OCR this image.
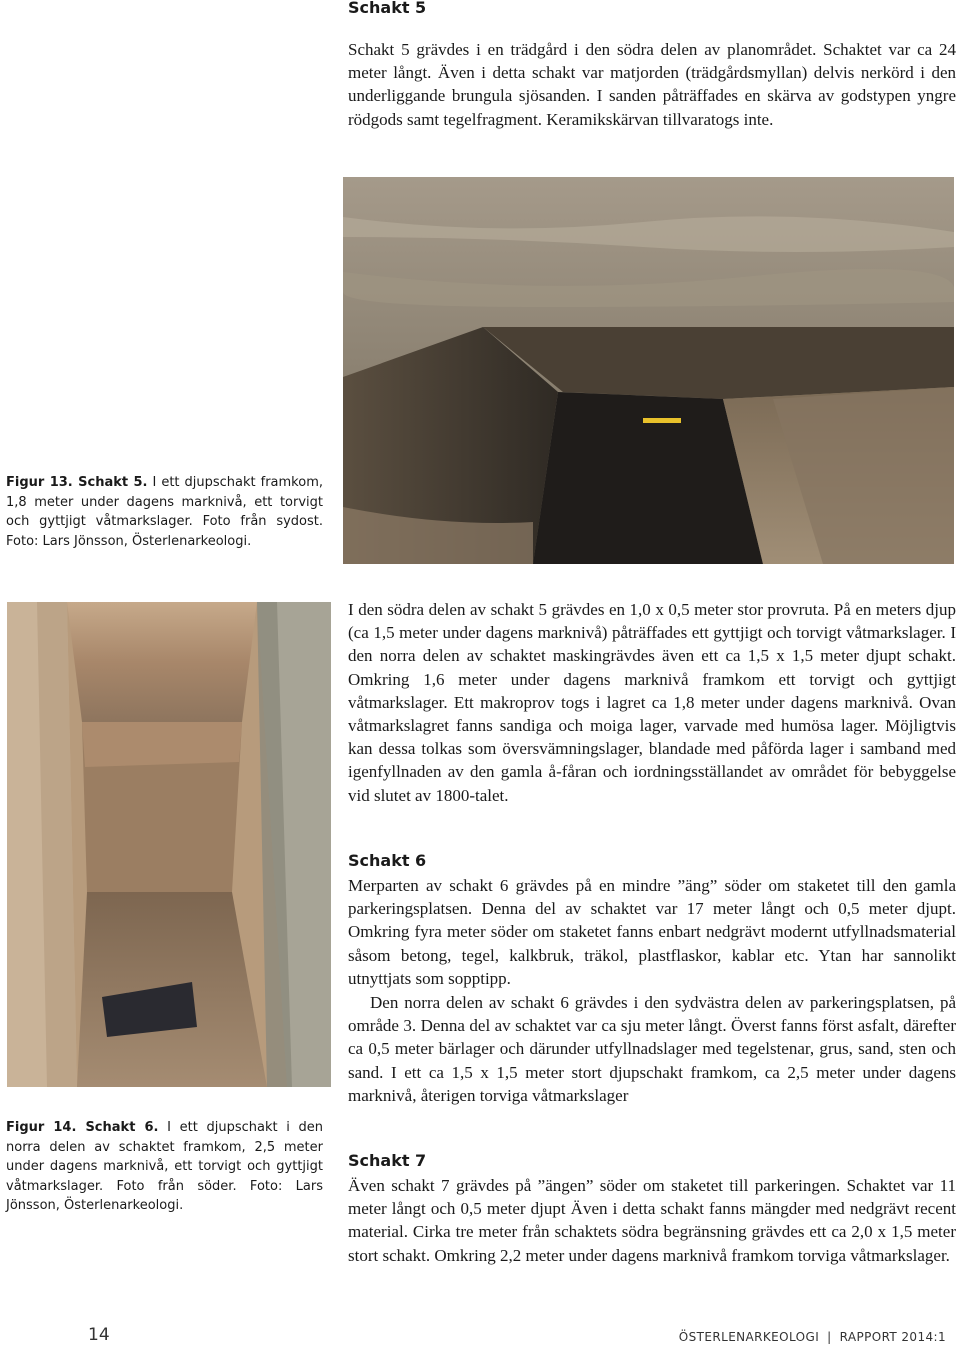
Schakt 5
Schakt 5 grävdes i en trädgård i den södra delen av planområdet. Schaktet var ca 24 meter långt. Även i detta schakt var matjorden (trädgårdsmyllan) delvis nerkörd i den underliggande brungula sjösanden. I sanden påträffades en skärva av godstypen yngre rödgods samt tegelfragment. Keramikskärvan tillvaratogs inte.
Figur 13. Schakt 5. I ett djupschakt framkom, 1,8 meter under dagens marknivå, ett torvigt och gyttjigt våtmarkslager. Foto från sydost. Foto: Lars Jönsson, Österlenarkeologi.
Figur 14. Schakt 6. I ett djupschakt i den norra delen av schaktet framkom, 2,5 meter under dagens marknivå, ett torvigt och gyttjigt våtmarkslager. Foto från söder. Foto: Lars Jönsson, Österlenarkeologi.
I den södra delen av schakt 5 grävdes en 1,0 x 0,5 meter stor provruta. På en meters djup (ca 1,5 meter under dagens marknivå) påträffades ett gyttjigt och torvigt våtmarkslager. I den norra delen av schaktet maskingrävdes även ett ca 1,5 x 1,5 meter djupt schakt. Omkring 1,6 meter under dagens marknivå framkom ett torvigt och gyttjigt våtmarkslager. Ett makroprov togs i lagret ca 1,8 meter under dagens marknivå. Ovan våtmarkslagret fanns sandiga och moiga lager, varvade med humösa lager. Möjligtvis kan dessa tolkas som översvämningslager, blandade med påförda lager i samband med igenfyllnaden av den gamla å-fåran och iordningsställandet av området för bebyggelse vid slutet av 1800-talet.
Schakt 6
Merparten av schakt 6 grävdes på en mindre ”äng” söder om staketet till den gamla parkeringsplatsen. Denna del av schaktet var 17 meter långt och 0,5 meter djupt. Omkring fyra meter söder om staketet fanns enbart nedgrävt modernt utfyllnadsmaterial såsom betong, tegel, kalkbruk, träkol, plastflaskor, kablar etc. Ytan har sannolikt utnyttjats som sopptipp.
Den norra delen av schakt 6 grävdes i den sydvästra delen av parkeringsplatsen, på område 3. Denna del av schaktet var ca sju meter långt. Överst fanns först asfalt, därefter ca 0,5 meter bärlager och därunder utfyllnadslager med tegelstenar, grus, sand, sten och sand. I ett ca 1,5 x 1,5 meter stort djupschakt framkom, ca 2,5 meter under dagens marknivå, återigen torviga våtmarkslager
Schakt 7
Även schakt 7 grävdes på ”ängen” söder om staketet till parkeringen. Schaktet var 11 meter långt och 0,5 meter djupt Även i detta schakt fanns mängder med nedgrävt recent material. Cirka tre meter från schaktets södra begränsning grävdes ett ca 2,0 x 1,5 meter stort schakt. Omkring 2,2 meter under dagens marknivå framkom torviga våtmarkslager.
14	ÖSTERLENARKEOLOGI | RAPPORT 2014:1
